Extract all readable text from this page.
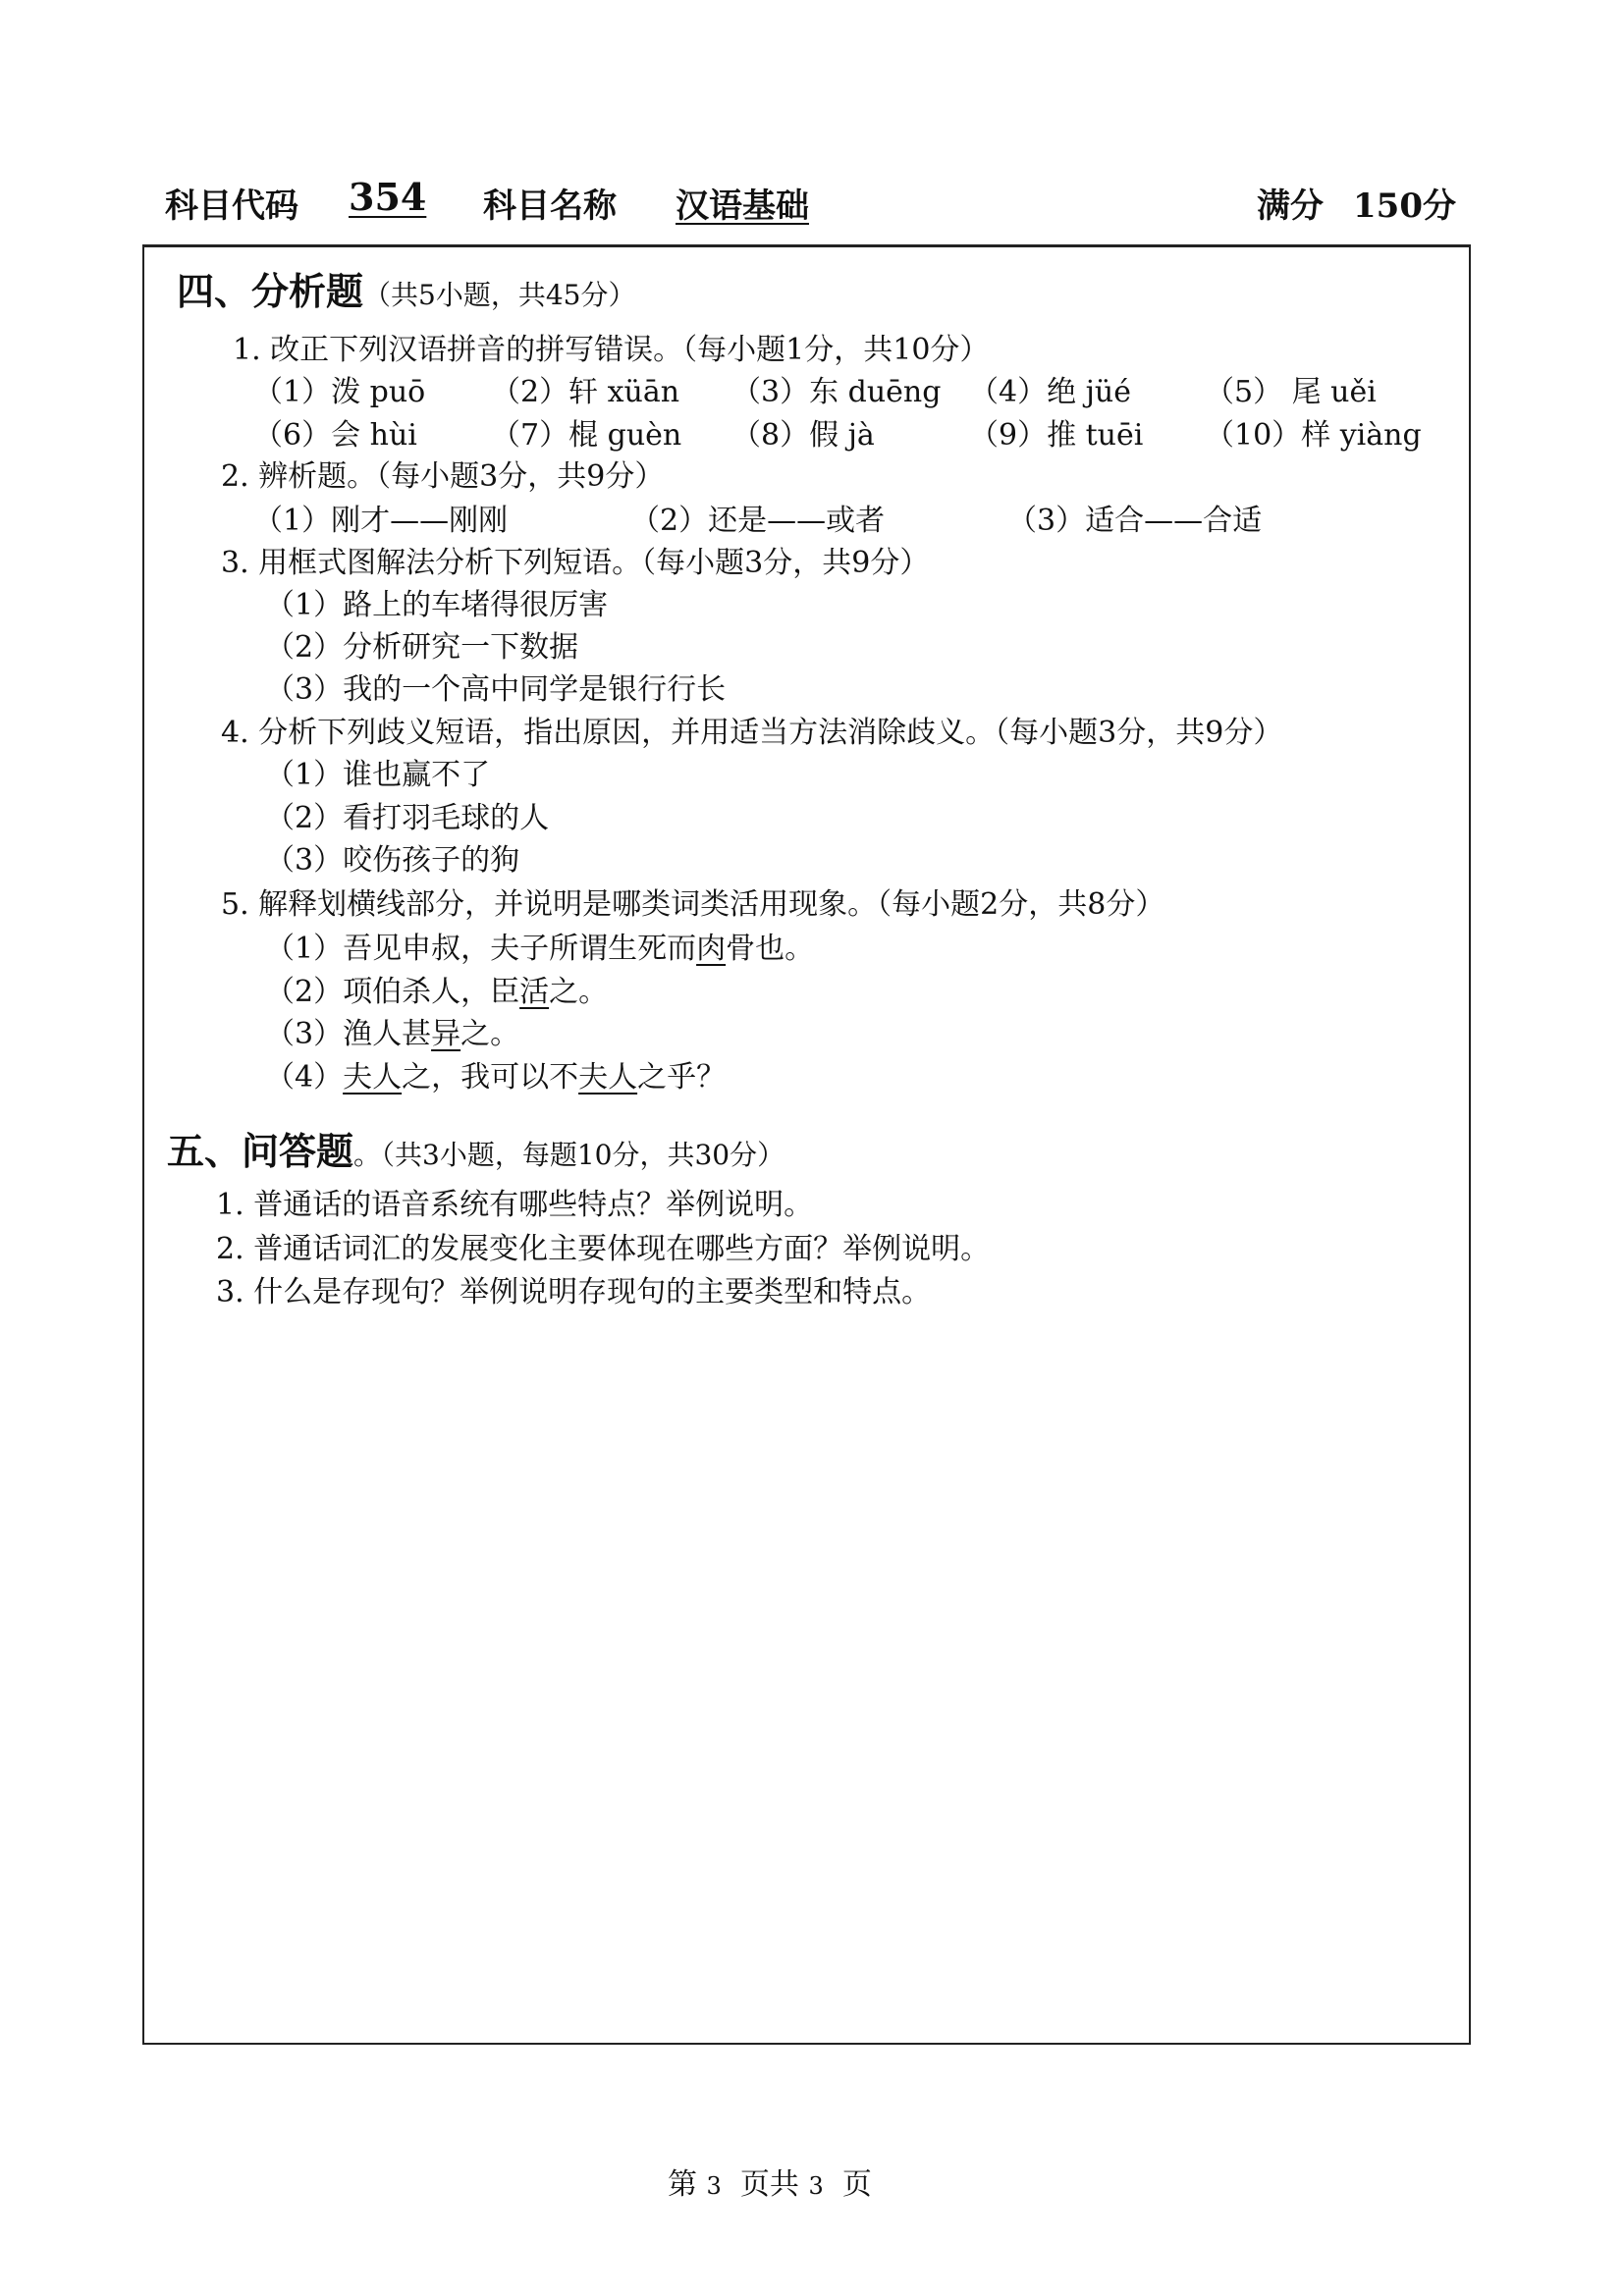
科目代码 354 科目名称 汉语基础	满分 150分
四、分析题（共5小题，共45分）
1. 改正下列汉语拼音的拼写错误。（每小题1分，共10分）
（1）泼 puō （2）轩 xüān （3）东 duēng （4）绝 jüé	（5） 尾 uěi
（6）会 hùi	（7）棍 guèn （8）假 jà	（9）推 tuēi （10）样 yiàng
2. 辨析题。（每小题3分，共9分）
（1）刚才——刚刚	（2）还是——或者	（3）适合——合适
3. 用框式图解法分析下列短语。（每小题3分，共9分）
（1）路上的车堵得很厉害
（2）分析研究一下数据
（3）我的一个高中同学是银行行长
4. 分析下列歧义短语，指出原因，并用适当方法消除歧义。（每小题3分，共9分）
（1）谁也赢不了
（2）看打羽毛球的人
（3）咬伤孩子的狗
5. 解释划横线部分，并说明是哪类词类活用现象。（每小题2分，共8分）
（1）吾见申叔，夫子所谓生死而肉骨也。
（2）项伯杀人，臣活之。
（3）渔人甚异之。
（4）夫人之，我可以不夫人之乎？
五、问答题。（共3小题，每题10分，共30分）
1. 普通话的语音系统有哪些特点？举例说明。
2. 普通话词汇的发展变化主要体现在哪些方面？举例说明。
3. 什么是存现句？举例说明存现句的主要类型和特点。
第 3 页共 3 页
